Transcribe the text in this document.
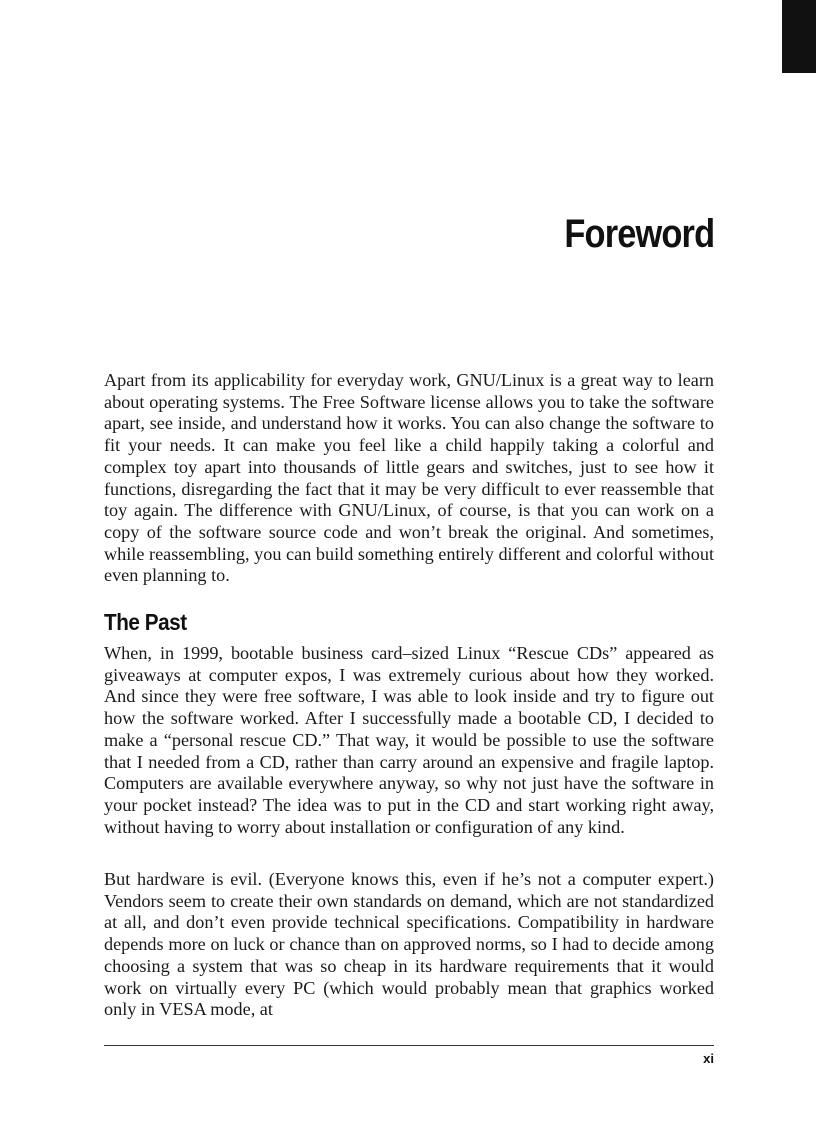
Foreword

Apart from its applicability for everyday work, GNU/Linux is a great way to learn about operating systems. The Free Software license allows you to take the software apart, see inside, and understand how it works. You can also change the software to fit your needs. It can make you feel like a child happily taking a colorful and complex toy apart into thousands of little gears and switches, just to see how it functions, disregarding the fact that it may be very difficult to ever reassemble that toy again. The difference with GNU/Linux, of course, is that you can work on a copy of the software source code and won’t break the original. And sometimes, while reassembling, you can build something entirely different and colorful without even planning to.

The Past

When, in 1999, bootable business card–sized Linux “Rescue CDs” appeared as giveaways at computer expos, I was extremely curious about how they worked. And since they were free software, I was able to look inside and try to figure out how the software worked. After I successfully made a bootable CD, I decided to make a “personal rescue CD.” That way, it would be possible to use the software that I needed from a CD, rather than carry around an expensive and fragile laptop. Computers are available everywhere anyway, so why not just have the software in your pocket instead? The idea was to put in the CD and start working right away, without having to worry about installation or configuration of any kind.

But hardware is evil. (Everyone knows this, even if he’s not a computer expert.) Vendors seem to create their own standards on demand, which are not standardized at all, and don’t even provide technical specifications. Compatibility in hardware depends more on luck or chance than on approved norms, so I had to decide among choosing a system that was so cheap in its hardware requirements that it would work on virtually every PC (which would probably mean that graphics worked only in VESA mode, at

xi
